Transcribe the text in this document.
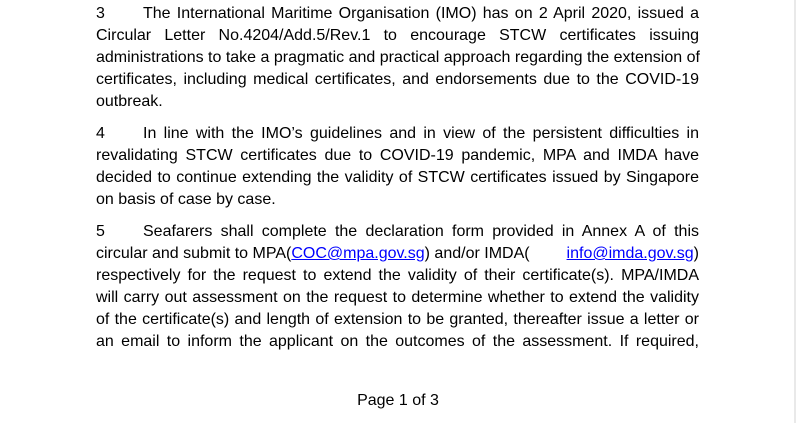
3	The International Maritime Organisation (IMO) has on 2 April 2020, issued a
Circular Letter No.4204/Add.5/Rev.1 to encourage STCW certificates issuing
administrations to take a pragmatic and practical approach regarding the extension of
certificates, including medical certificates, and endorsements due to the COVID-19
outbreak.
4	In line with the IMO’s guidelines and in view of the persistent difficulties in
revalidating STCW certificates due to COVID-19 pandemic, MPA and IMDA have
decided to continue extending the validity of STCW certificates issued by Singapore
on basis of case by case.
5	Seafarers shall complete the declaration form provided in Annex A of this
circular and submit to MPA(COC@mpa.gov.sg) and/or IMDA( info@imda.gov.sg)
respectively for the request to extend the validity of their certificate(s). MPA/IMDA
will carry out assessment on the request to determine whether to extend the validity
of the certificate(s) and length of extension to be granted, thereafter issue a letter or
an email to inform the applicant on the outcomes of the assessment. If required,
Page 1 of 3
